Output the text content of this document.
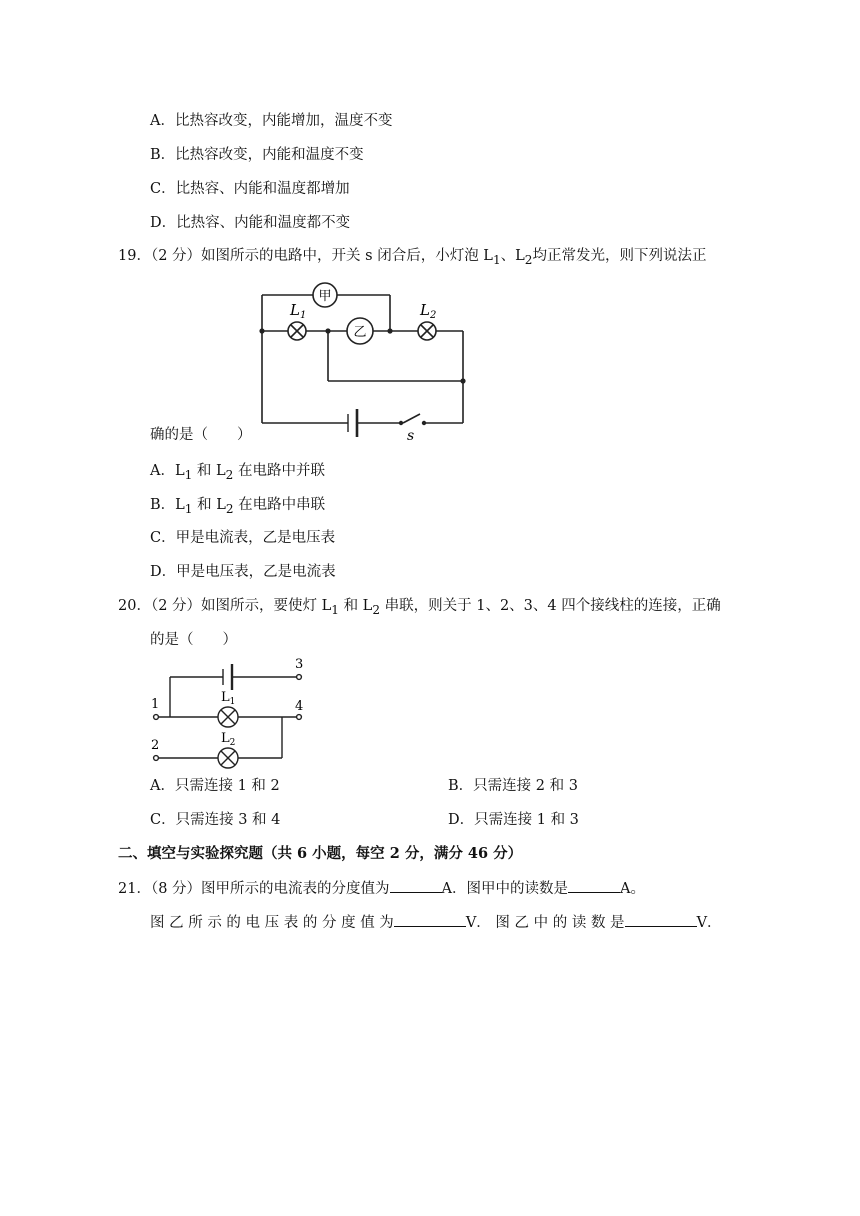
A．比热容改变，内能增加，温度不变
B．比热容改变，内能和温度不变
C．比热容、内能和温度都增加
D．比热容、内能和温度都不变
19．（2 分）如图所示的电路中，开关 s 闭合后，小灯泡 $L_1$、$L_2$均正常发光，则下列说法正
甲
乙
$L_1$	$L_2$
s
确的是（　　）
A．$L_1$ 和 $L_2$ 在电路中并联
B．$L_1$ 和 $L_2$ 在电路中串联
C．甲是电流表，乙是电压表
D．甲是电压表，乙是电流表
20．（2 分）如图所示，要使灯 $L_1$ 和 $L_2$ 串联，则关于 1、2、3、4 四个接线柱的连接，正确
的是（　　）
1
2
3
4
$L_1$
$L_2$
A．只需连接 1 和 2	B．只需连接 2 和 3
C．只需连接 3 和 4	D．只需连接 1 和 3
二、填空与实验探究题（共 6 小题，每空 2 分，满分 46 分）
21．（8 分）图甲所示的电流表的分度值为	A．图甲中的读数是	A。
图 乙 所 示 的 电 压 表 的 分 度 值 为	V． 图 乙 中 的 读 数 是	V．
